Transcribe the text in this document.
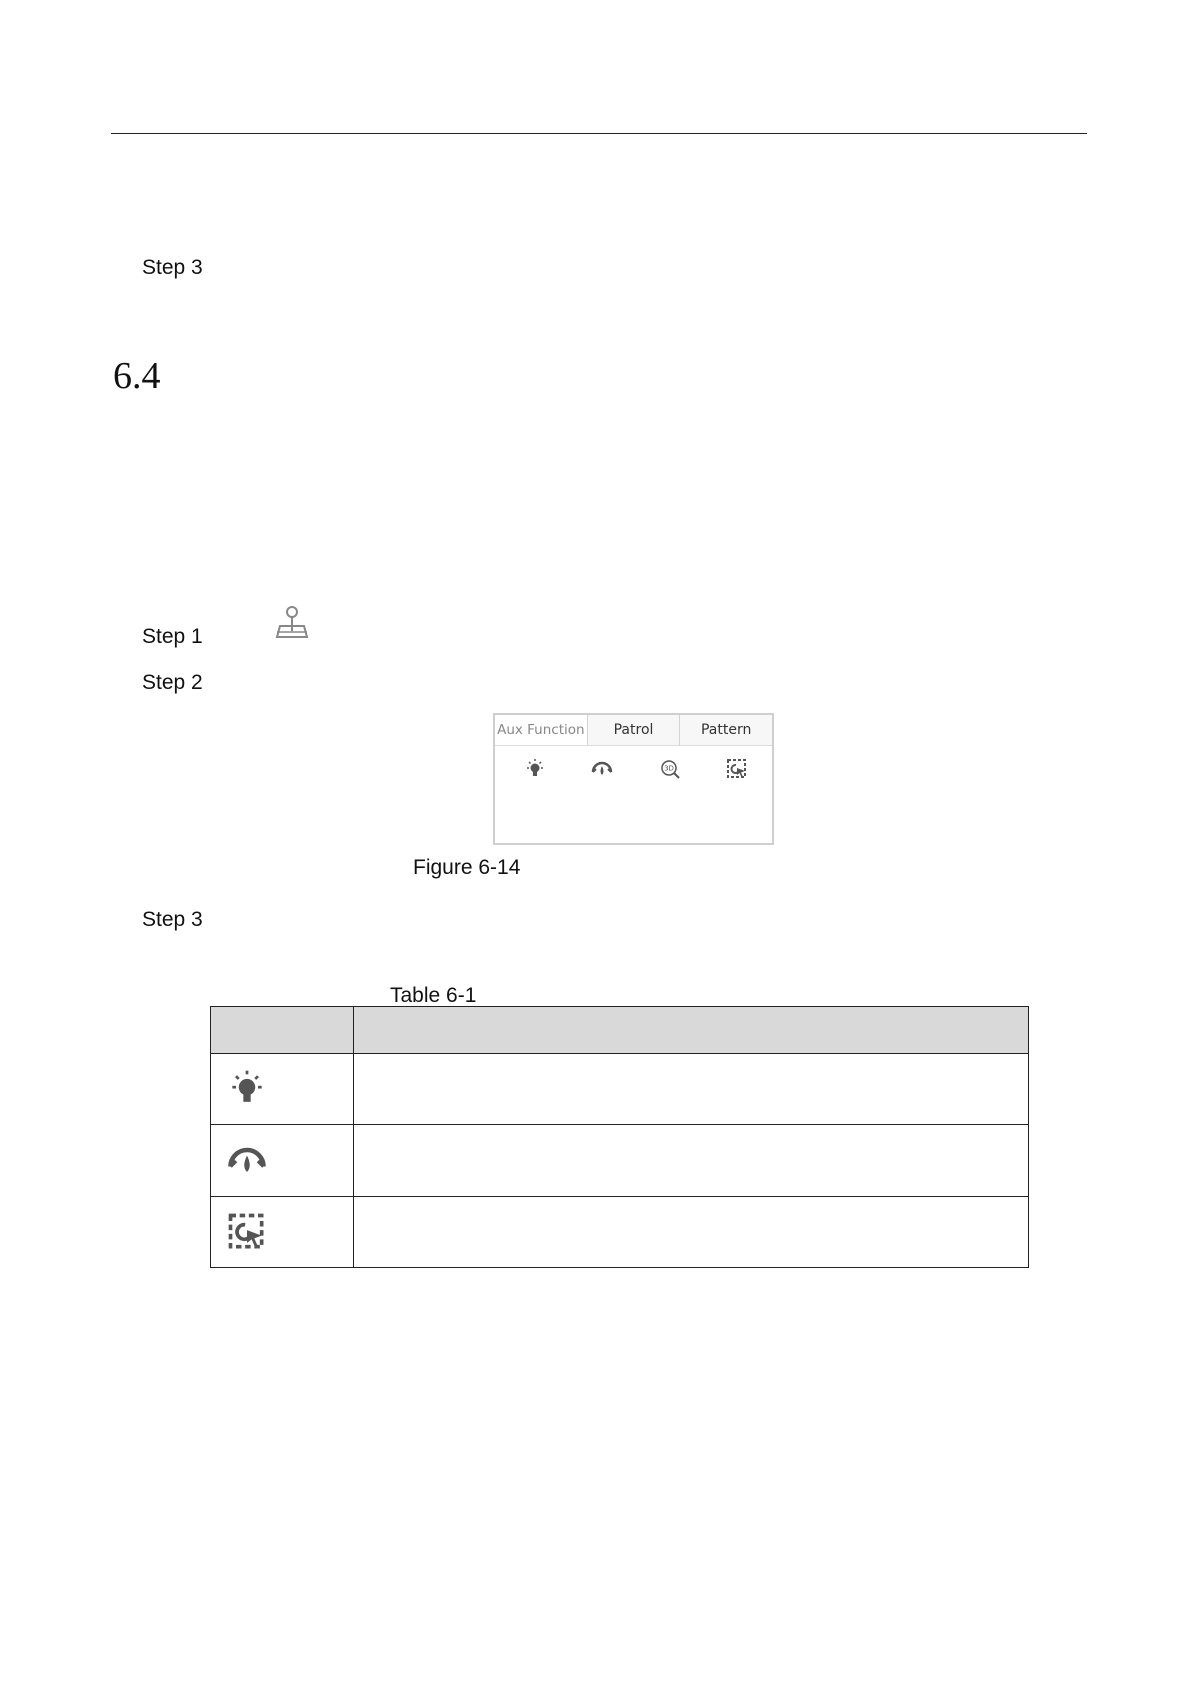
Step 3
6.4
Step 1
Step 2
Aux Function	Patrol	Pattern
3D
Figure 6-14
Step 3
Table 6-1
